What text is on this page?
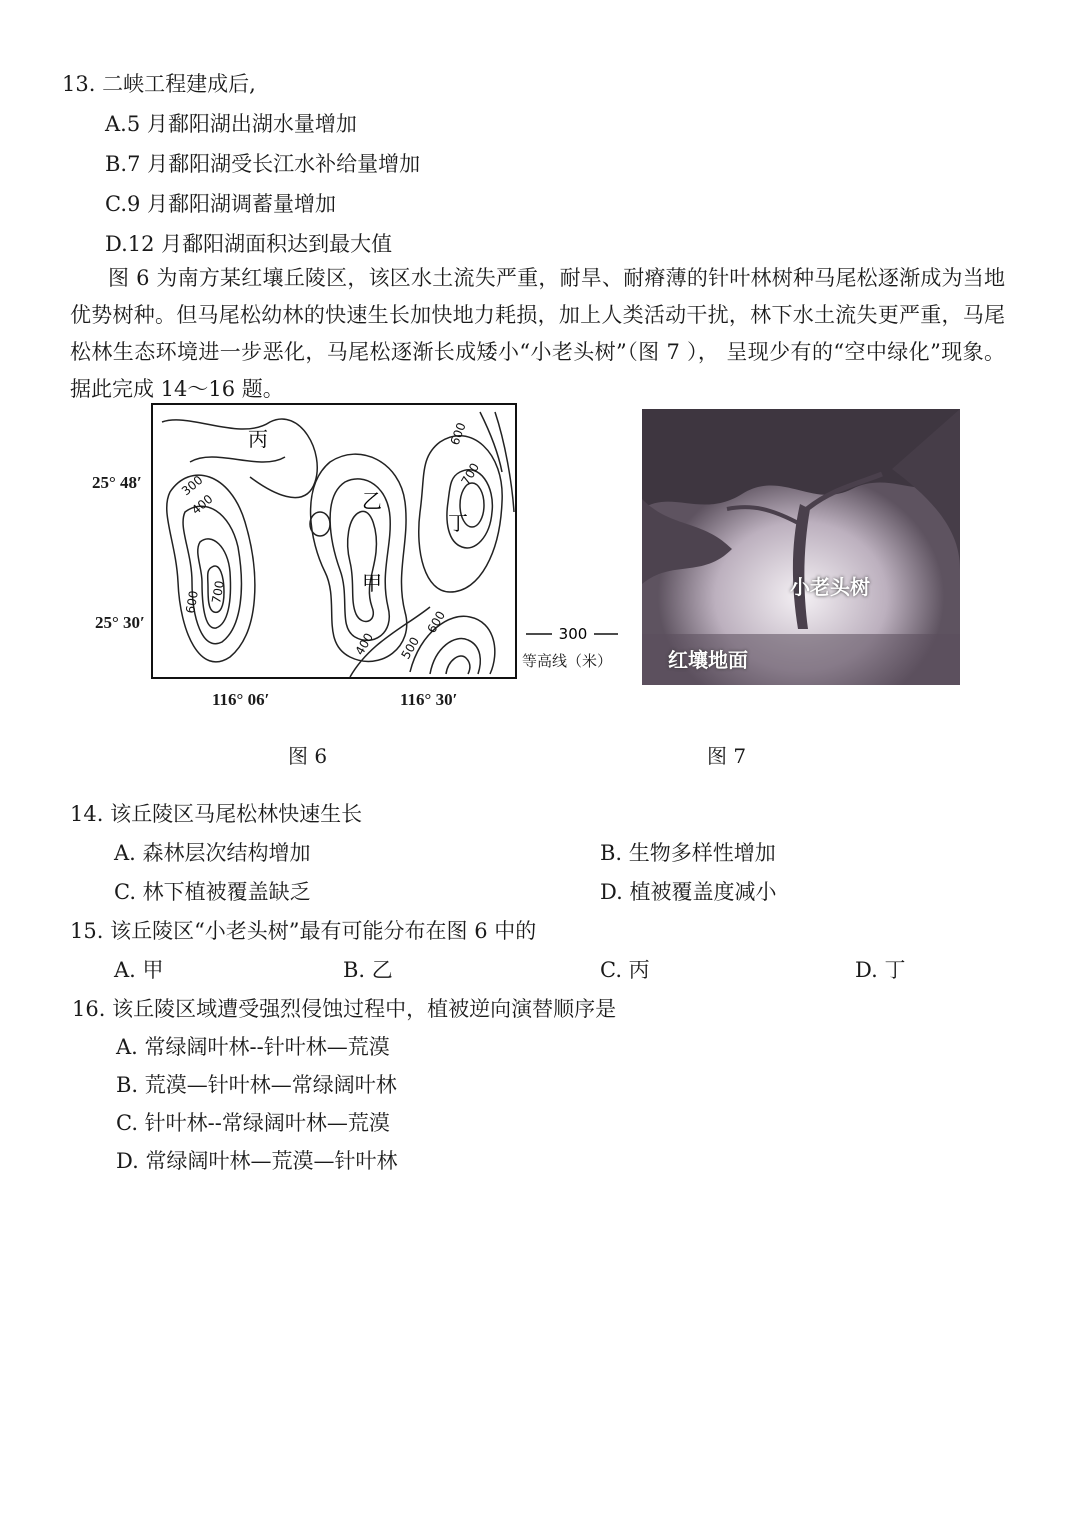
13. 二峡工程建成后,
A.5 月鄱阳湖出湖水量增加
B.7 月鄱阳湖受长江水补给量增加
C.9 月鄱阳湖调蓄量增加
D.12 月鄱阳湖面积达到最大值
图 6 为南方某红壤丘陵区，该区水土流失严重，耐旱、耐瘠薄的针叶林树种马尾松逐渐成为当地优势树种。但马尾松幼林的快速生长加快地力耗损，加上人类活动干扰，林下水土流失更严重，马尾松林生态环境进一步恶化，马尾松逐渐长成矮小“小老头树”（图 7 ）， 呈现少有的“空中绿化”现象。据此完成 14～16 题。
25° 48′
25° 30′
116° 06′	116° 30′
丙
乙
丁
甲
300
400
600
700
600 700
400 500
600	300
等高线（米）
图 6
小老头树
红壤地面
图 7
14. 该丘陵区马尾松林快速生长
A. 森林层次结构增加	B. 生物多样性增加
C. 林下植被覆盖缺乏	D. 植被覆盖度减小
15. 该丘陵区“小老头树”最有可能分布在图 6 中的
A. 甲	B. 乙	C. 丙	D. 丁
16. 该丘陵区域遭受强烈侵蚀过程中，植被逆向演替顺序是
A. 常绿阔叶林--针叶林—荒漠
B. 荒漠—针叶林—常绿阔叶林
C. 针叶林--常绿阔叶林—荒漠
D. 常绿阔叶林—荒漠—针叶林
